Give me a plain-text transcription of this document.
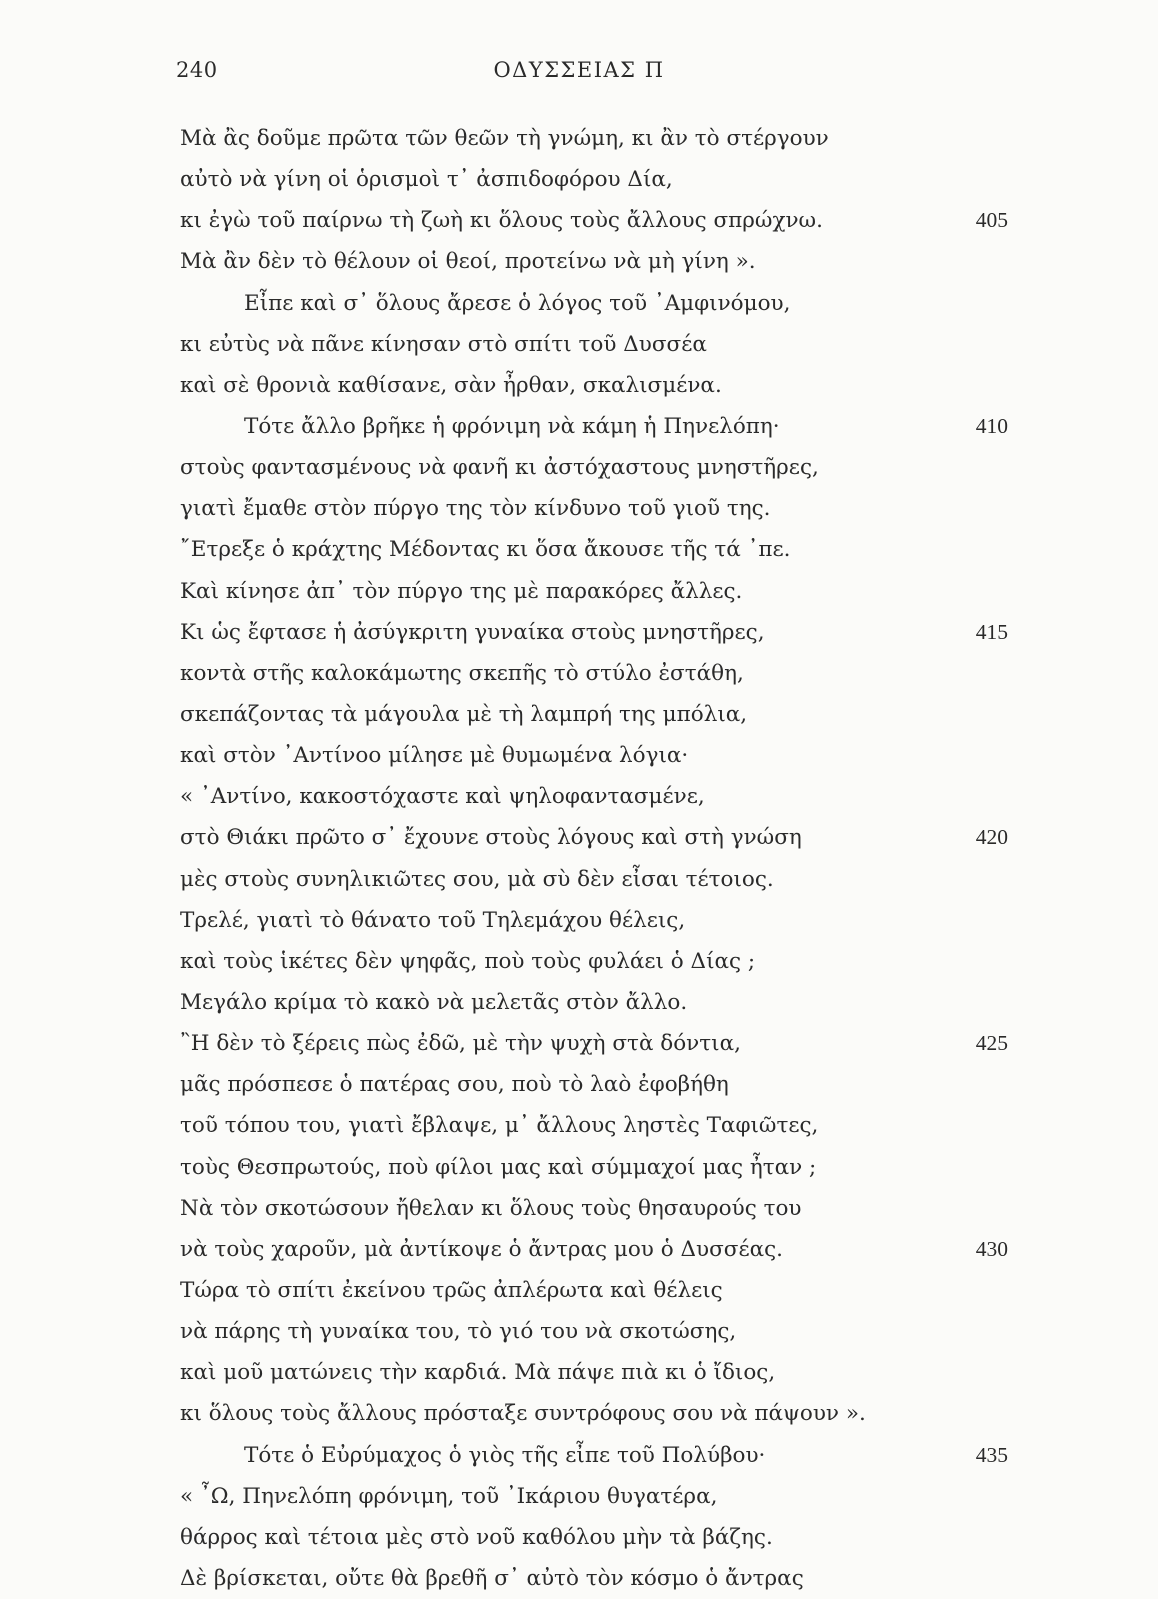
240	ΟΔΥΣΣΕΙΑΣ Π
Μὰ ἂς δοῦμε πρῶτα τῶν θεῶν τὴ γνώμη, κι ἂν τὸ στέργουν
αὐτὸ νὰ γίνη οἱ ὁρισμοὶ τ᾿ ἀσπιδοφόρου Δία,
κι ἐγὼ τοῦ παίρνω τὴ ζωὴ κι ὅλους τοὺς ἄλλους σπρώχνω.	405
Μὰ ἂν δὲν τὸ θέλουν οἱ θεοί, προτείνω νὰ μὴ γίνη ».
Εἶπε καὶ σ᾿ ὅλους ἄρεσε ὁ λόγος τοῦ ᾿Αμφινόμου,
κι εὐτὺς νὰ πᾶνε κίνησαν στὸ σπίτι τοῦ Δυσσέα
καὶ σὲ θρονιὰ καθίσανε, σὰν ἦρθαν, σκαλισμένα.
Τότε ἄλλο βρῆκε ἡ φρόνιμη νὰ κάμη ἡ Πηνελόπη·	410
στοὺς φαντασμένους νὰ φανῆ κι ἀστόχαστους μνηστῆρες,
γιατὶ ἔμαθε στὸν πύργο της τὸν κίνδυνο τοῦ γιοῦ της.
῎Ετρεξε ὁ κράχτης Μέδοντας κι ὅσα ἄκουσε τῆς τά ᾿πε.
Καὶ κίνησε ἀπ᾿ τὸν πύργο της μὲ παρακόρες ἄλλες.
Κι ὡς ἔφτασε ἡ ἀσύγκριτη γυναίκα στοὺς μνηστῆρες,	415
κοντὰ στῆς καλοκάμωτης σκεπῆς τὸ στύλο ἐστάθη,
σκεπάζοντας τὰ μάγουλα μὲ τὴ λαμπρή της μπόλια,
καὶ στὸν ᾿Αντίνοο μίλησε μὲ θυμωμένα λόγια·
« ᾿Αντίνο, κακοστόχαστε καὶ ψηλοφαντασμένε,
στὸ Θιάκι πρῶτο σ᾿ ἔχουνε στοὺς λόγους καὶ στὴ γνώση	420
μὲς στοὺς συνηλικιῶτες σου, μὰ σὺ δὲν εἶσαι τέτοιος.
Τρελέ, γιατὶ τὸ θάνατο τοῦ Τηλεμάχου θέλεις,
καὶ τοὺς ἱκέτες δὲν ψηφᾶς, ποὺ τοὺς φυλάει ὁ Δίας ;
Μεγάλο κρίμα τὸ κακὸ νὰ μελετᾶς στὸν ἄλλο.
῍Η δὲν τὸ ξέρεις πὼς ἐδῶ, μὲ τὴν ψυχὴ στὰ δόντια,	425
μᾶς πρόσπεσε ὁ πατέρας σου, ποὺ τὸ λαὸ ἐφοβήθη
τοῦ τόπου του, γιατὶ ἔβλαψε, μ᾿ ἄλλους ληστὲς Ταφιῶτες,
τοὺς Θεσπρωτούς, ποὺ φίλοι μας καὶ σύμμαχοί μας ἦταν ;
Νὰ τὸν σκοτώσουν ἤθελαν κι ὅλους τοὺς θησαυρούς του
νὰ τοὺς χαροῦν, μὰ ἀντίκοψε ὁ ἄντρας μου ὁ Δυσσέας.	430
Τώρα τὸ σπίτι ἐκείνου τρῶς ἀπλέρωτα καὶ θέλεις
νὰ πάρης τὴ γυναίκα του, τὸ γιό του νὰ σκοτώσης,
καὶ μοῦ ματώνεις τὴν καρδιά. Μὰ πάψε πιὰ κι ὁ ἴδιος,
κι ὅλους τοὺς ἄλλους πρόσταξε συντρόφους σου νὰ πάψουν ».
Τότε ὁ Εὐρύμαχος ὁ γιὸς τῆς εἶπε τοῦ Πολύβου·	435
« ῏Ω, Πηνελόπη φρόνιμη, τοῦ ᾿Ικάριου θυγατέρα,
θάρρος καὶ τέτοια μὲς στὸ νοῦ καθόλου μὴν τὰ βάζης.
Δὲ βρίσκεται, οὔτε θὰ βρεθῆ σ᾿ αὐτὸ τὸν κόσμο ὁ ἄντρας
